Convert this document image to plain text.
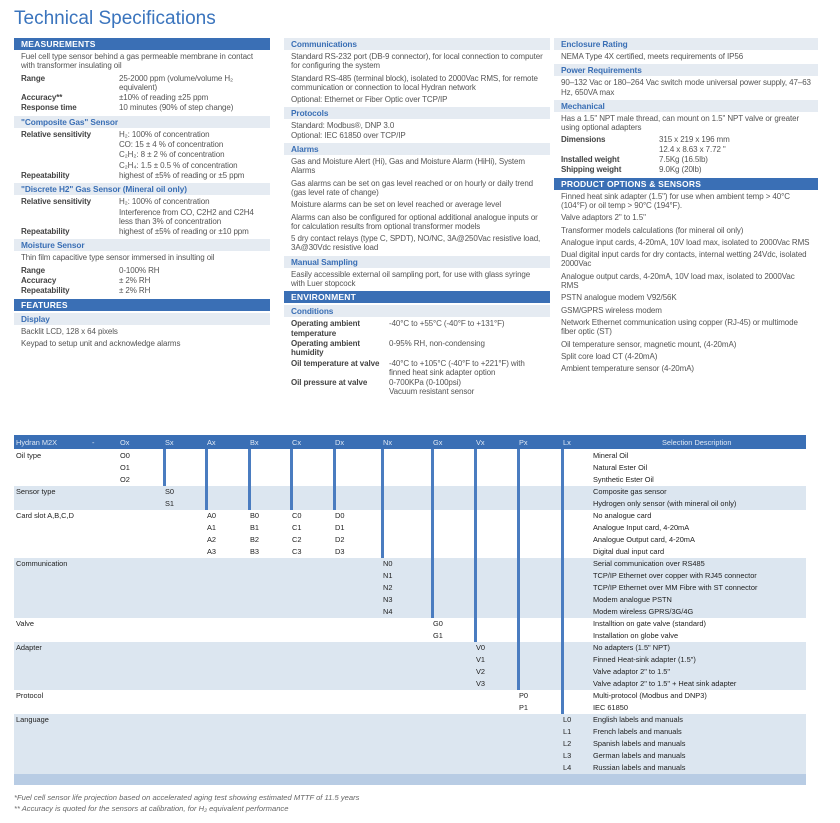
Technical Specifications
MEASUREMENTS
Fuel cell type sensor behind a gas permeable membrane in contact with transformer insulating oil
Range	25-2000 ppm (volume/volume H₂ equivalent)
Accuracy**	±10% of reading ±25 ppm
Response time	10 minutes (90% of step change)
"Composite Gas" Sensor
Relative sensitivity	H₂: 100% of concentration
CO: 15 ± 4 % of concentration
C₂H₂: 8 ± 2 % of concentration
C₂H₄: 1.5 ± 0.5 % of concentration
Repeatability	highest of ±5% of reading or ±5 ppm
"Discrete H2" Gas Sensor (Mineral oil only)
Relative sensitivity	H₂: 100% of concentration
Interference from CO, C2H2 and C2H4 less than 3% of concentration
Repeatability	highest of ±5% of reading or ±10 ppm
Moisture Sensor
Thin film capacitive type sensor immersed in insulting oil
Range	0-100% RH
Accuracy	± 2% RH
Repeatability	± 2% RH
FEATURES
Display
Backlit LCD, 128 x 64 pixels
Keypad to setup unit and acknowledge alarms
Communications
Standard RS-232 port (DB-9 connector), for local connection to computer for configuring the system
Standard RS-485 (terminal block), isolated to 2000Vac RMS, for remote communication or connection to local Hydran network
Optional: Ethernet or Fiber Optic over TCP/IP
Protocols
Standard: Modbus®, DNP 3.0
Optional: IEC 61850 over TCP/IP
Alarms
Gas and Moisture Alert (Hi), Gas and Moisture Alarm (HiHi), System Alarms
Gas alarms can be set on gas level reached or on hourly or daily trend (gas level rate of change)
Moisture alarms can be set on level reached or average level
Alarms can also be configured for optional additional analogue inputs or for calculation results from optional transformer models
5 dry contact relays (type C, SPDT), NO/NC, 3A@250Vac resistive load, 3A@30Vdc resistive load
Manual Sampling
Easily accessible external oil sampling port, for use with glass syringe with Luer stopcock
ENVIRONMENT
Conditions
Operating ambient temperature
-40°C to +55°C (-40°F to +131°F)
Operating ambient humidity
0-95% RH, non-condensing
Oil temperature at valve	-40°C to +105°C (-40°F to +221°F) with finned heat sink adapter option
Oil pressure at valve	0-700KPa (0-100psi)
Vacuum resistant sensor
Enclosure Rating
NEMA Type 4X certified, meets requirements of IP56
Power Requirements
90–132 Vac or 180–264 Vac switch mode universal power supply, 47–63 Hz, 650VA max
Mechanical
Has a 1.5" NPT male thread, can mount on 1.5" NPT valve or greater using optional adapters
Dimensions	315 x 219 x 196 mm
12.4 x 8.63 x 7.72 "
Installed weight	7.5Kg (16.5lb)
Shipping weight	9.0Kg (20lb)
PRODUCT OPTIONS & SENSORS
Finned heat sink adapter (1.5") for use when ambient temp > 40°C (104°F) or oil temp > 90°C (194°F).
Valve adaptors 2" to 1.5"
Transformer models calculations (for mineral oil only)
Analogue input cards, 4-20mA, 10V load max, isolated to 2000Vac RMS
Dual digital input cards for dry contacts, internal wetting 24Vdc, isolated 2000Vac
Analogue output cards, 4-20mA, 10V load max, isolated to 2000Vac RMS
PSTN analogue modem V92/56K
GSM/GPRS wireless modem
Network Ethernet communication using copper (RJ-45) or multimode fiber optic (ST)
Oil temperature sensor, magnetic mount, (4-20mA)
Split core load CT (4-20mA)
Ambient temperature sensor (4-20mA)
Hydran M2X	-	Ox	Sx	Ax	Bx	Cx	Dx	Nx	Gx	Vx	Px	Lx	Selection Description
Oil type	O0	Mineral Oil
O1	Natural Ester Oil
O2	Synthetic Ester Oil
Sensor type	S0	Composite gas sensor
S1	Hydrogen only sensor (with mineral oil only)
Card slot A,B,C,D	A0	B0	C0	D0	No analogue card
A1	B1	C1	D1	Analogue Input card, 4-20mA
A2	B2	C2	D2	Analogue Output card, 4-20mA
A3	B3	C3	D3	Digital dual input card
Communication	N0	Serial communication over RS485
N1	TCP/IP Ethernet over copper with RJ45 connector
N2	TCP/IP Ethernet over MM Fibre with ST connector
N3	Modem analogue PSTN
N4	Modem wireless GPRS/3G/4G
Valve	G0	Installtion on gate valve (standard)
G1	Installation on globe valve
Adapter	V0	No adapters (1.5" NPT)
V1	Finned Heat-sink adapter (1.5")
V2	Valve adaptor 2" to 1.5"
V3	Valve adaptor 2" to 1.5" + Heat sink adapter
Protocol	P0	Multi-protocol (Modbus and DNP3)
P1	IEC 61850
Language	L0	English labels and manuals
L1	French labels and manuals
L2	Spanish labels and manuals
L3	German labels and manuals
L4	Russian labels and manuals
*Fuel cell sensor life projection based on accelerated aging test showing estimated MTTF of 11.5 years
** Accuracy is quoted for the sensors at calibration, for H₂ equivalent performance
